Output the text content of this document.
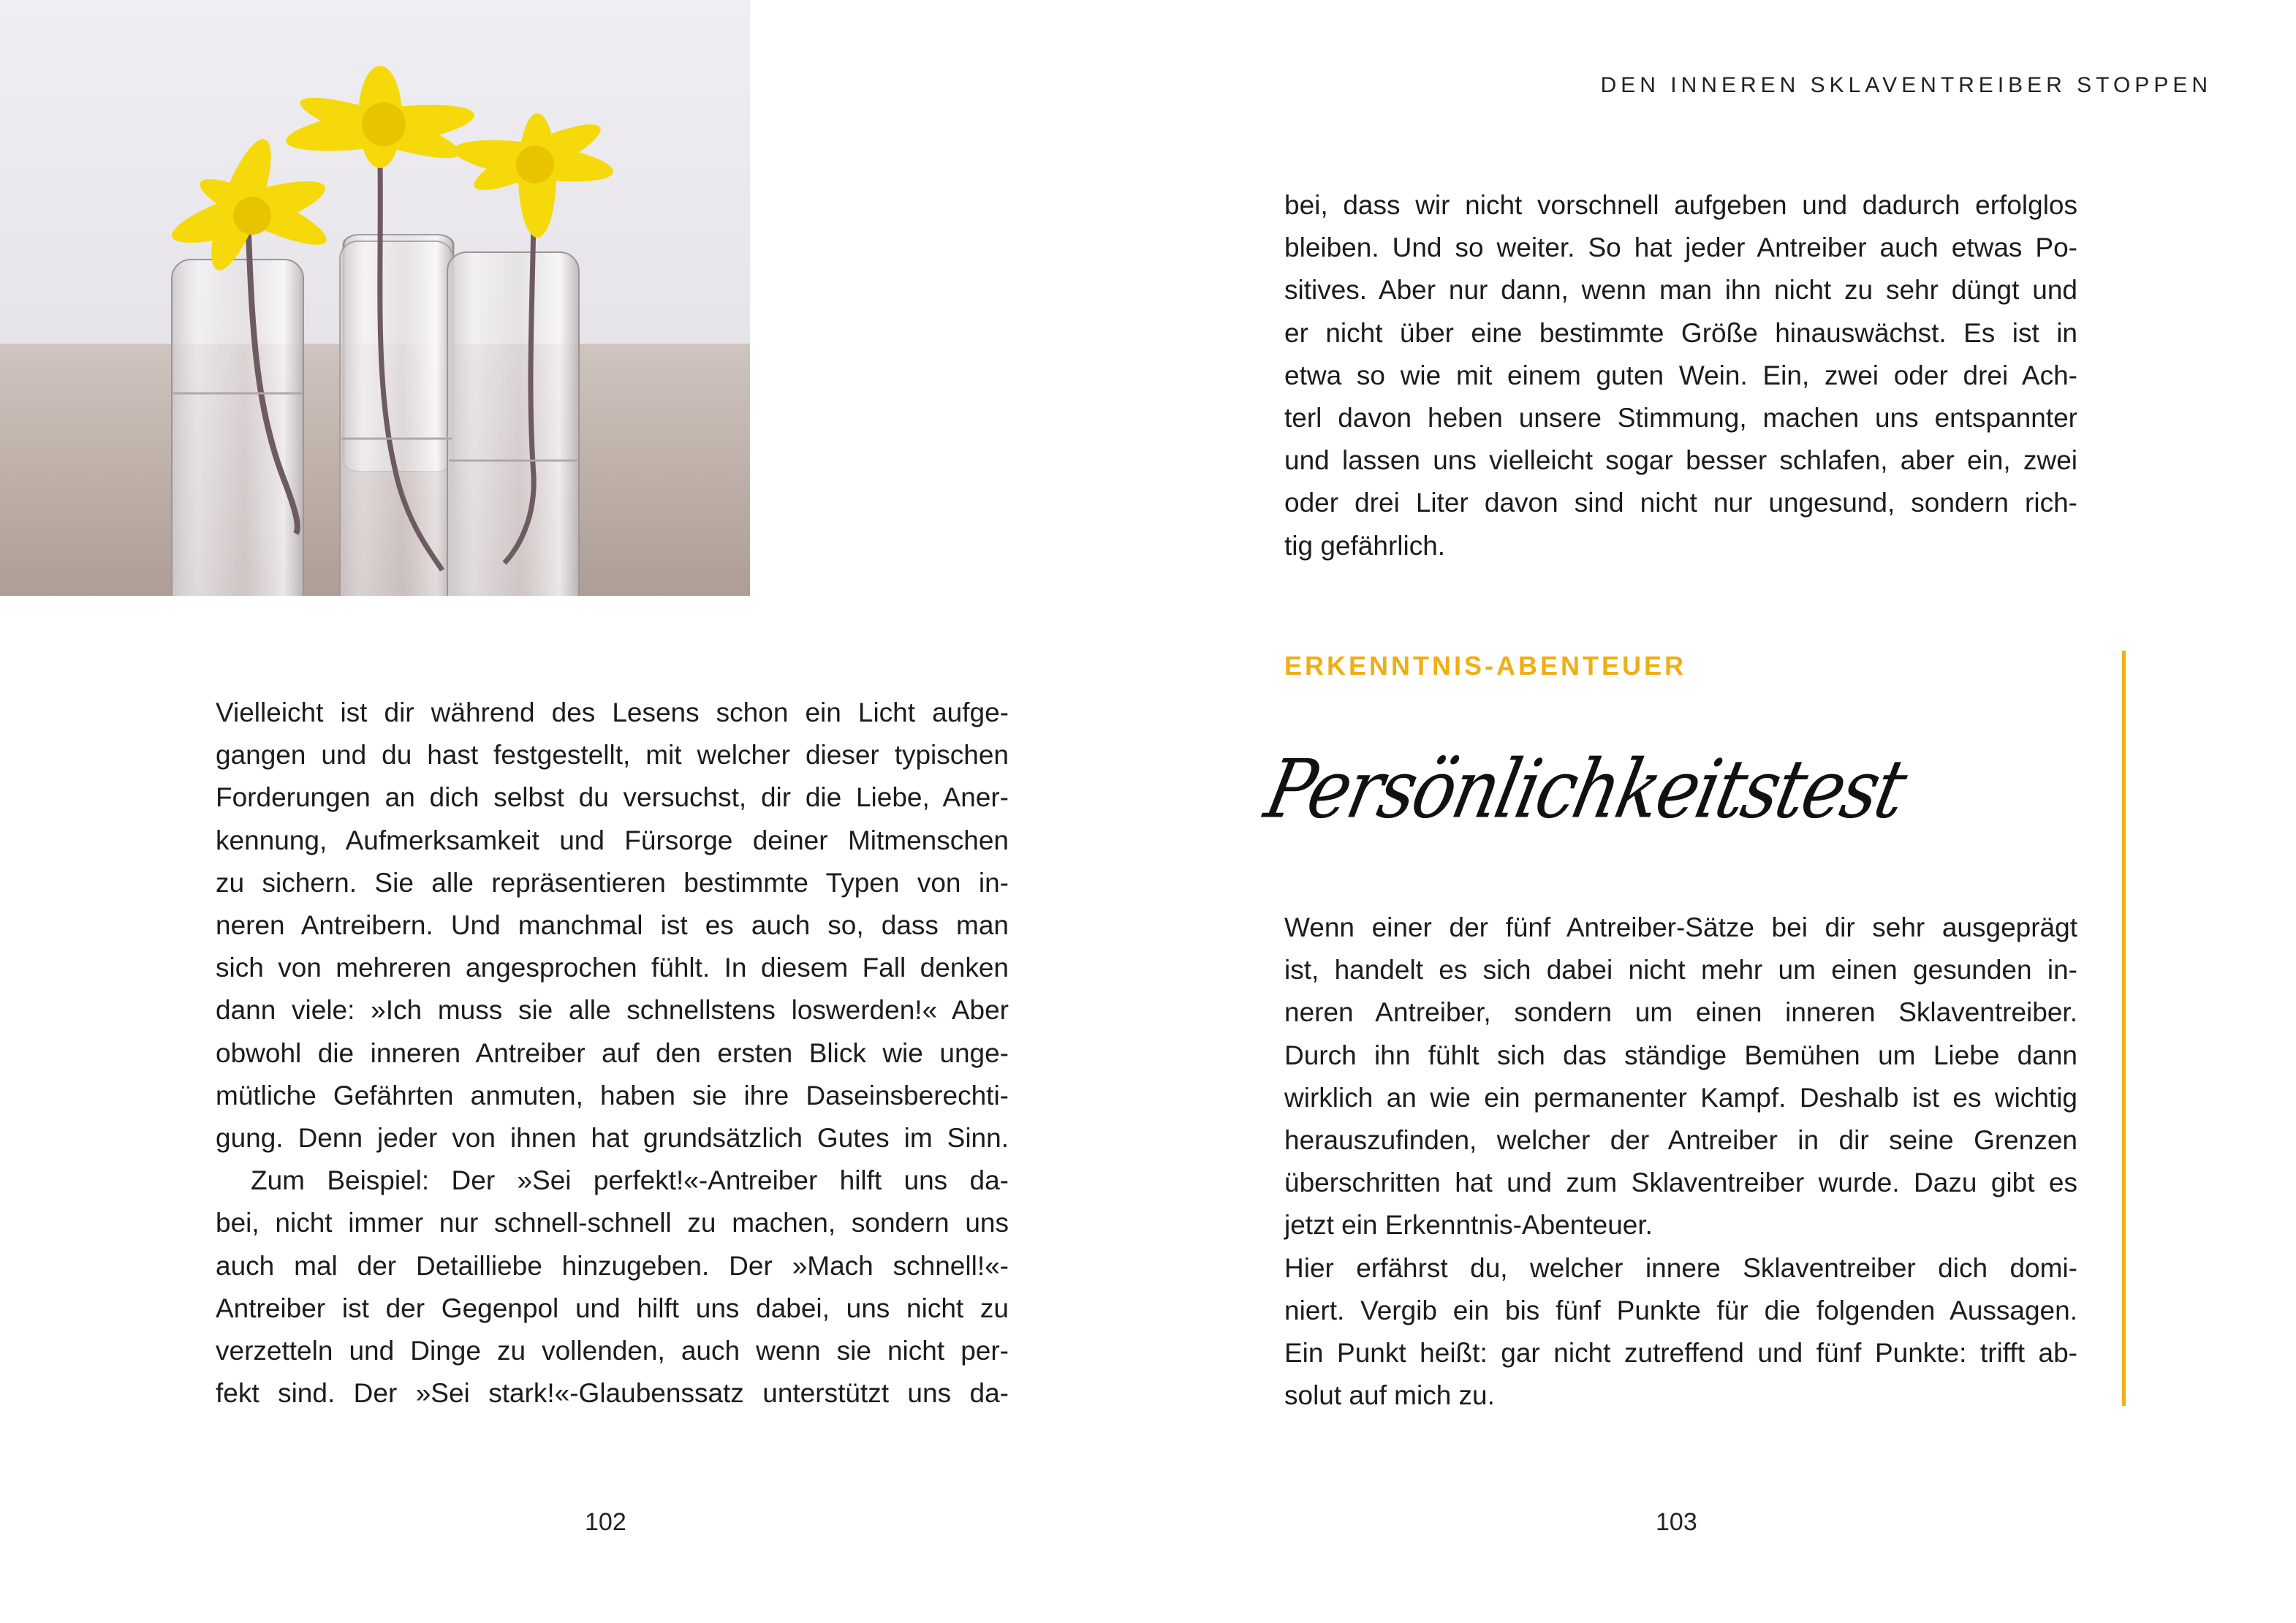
DEN INNEREN SKLAVENTREIBER STOPPEN

Vielleicht ist dir während des Lesens schon ein Licht aufge-
gangen und du hast festgestellt, mit welcher dieser typischen
Forderungen an dich selbst du versuchst, dir die Liebe, Aner-
kennung, Aufmerksamkeit und Fürsorge deiner Mitmenschen
zu sichern. Sie alle repräsentieren bestimmte Typen von in-
neren Antreibern. Und manchmal ist es auch so, dass man
sich von mehreren angesprochen fühlt. In diesem Fall denken
dann viele: »Ich muss sie alle schnellstens loswerden!« Aber
obwohl die inneren Antreiber auf den ersten Blick wie unge-
mütliche Gefährten anmuten, haben sie ihre Daseinsberechti-
gung. Denn jeder von ihnen hat grundsätzlich Gutes im Sinn.

Zum Beispiel: Der »Sei perfekt!«-Antreiber hilft uns da-
bei, nicht immer nur schnell-schnell zu machen, sondern uns
auch mal der Detailliebe hinzugeben. Der »Mach schnell!«-
Antreiber ist der Gegenpol und hilft uns dabei, uns nicht zu
verzetteln und Dinge zu vollenden, auch wenn sie nicht per-
fekt sind. Der »Sei stark!«-Glaubenssatz unterstützt uns da-

bei, dass wir nicht vorschnell aufgeben und dadurch erfolglos
bleiben. Und so weiter. So hat jeder Antreiber auch etwas Po-
sitives. Aber nur dann, wenn man ihn nicht zu sehr düngt und
er nicht über eine bestimmte Größe hinauswächst. Es ist in
etwa so wie mit einem guten Wein. Ein, zwei oder drei Ach-
terl davon heben unsere Stimmung, machen uns entspannter
und lassen uns vielleicht sogar besser schlafen, aber ein, zwei
oder drei Liter davon sind nicht nur ungesund, sondern rich-
tig gefährlich.

ERKENNTNIS-ABENTEUER
Persönlichkeitstest

Wenn einer der fünf Antreiber-Sätze bei dir sehr ausgeprägt
ist, handelt es sich dabei nicht mehr um einen gesunden in-
neren Antreiber, sondern um einen inneren Sklaventreiber.
Durch ihn fühlt sich das ständige Bemühen um Liebe dann
wirklich an wie ein permanenter Kampf. Deshalb ist es wichtig
herauszufinden, welcher der Antreiber in dir seine Grenzen
überschritten hat und zum Sklaventreiber wurde. Dazu gibt es
jetzt ein Erkenntnis-Abenteuer.

Hier erfährst du, welcher innere Sklaventreiber dich domi-
niert. Vergib ein bis fünf Punkte für die folgenden Aussagen.
Ein Punkt heißt: gar nicht zutreffend und fünf Punkte: trifft ab-
solut auf mich zu.

102	103
